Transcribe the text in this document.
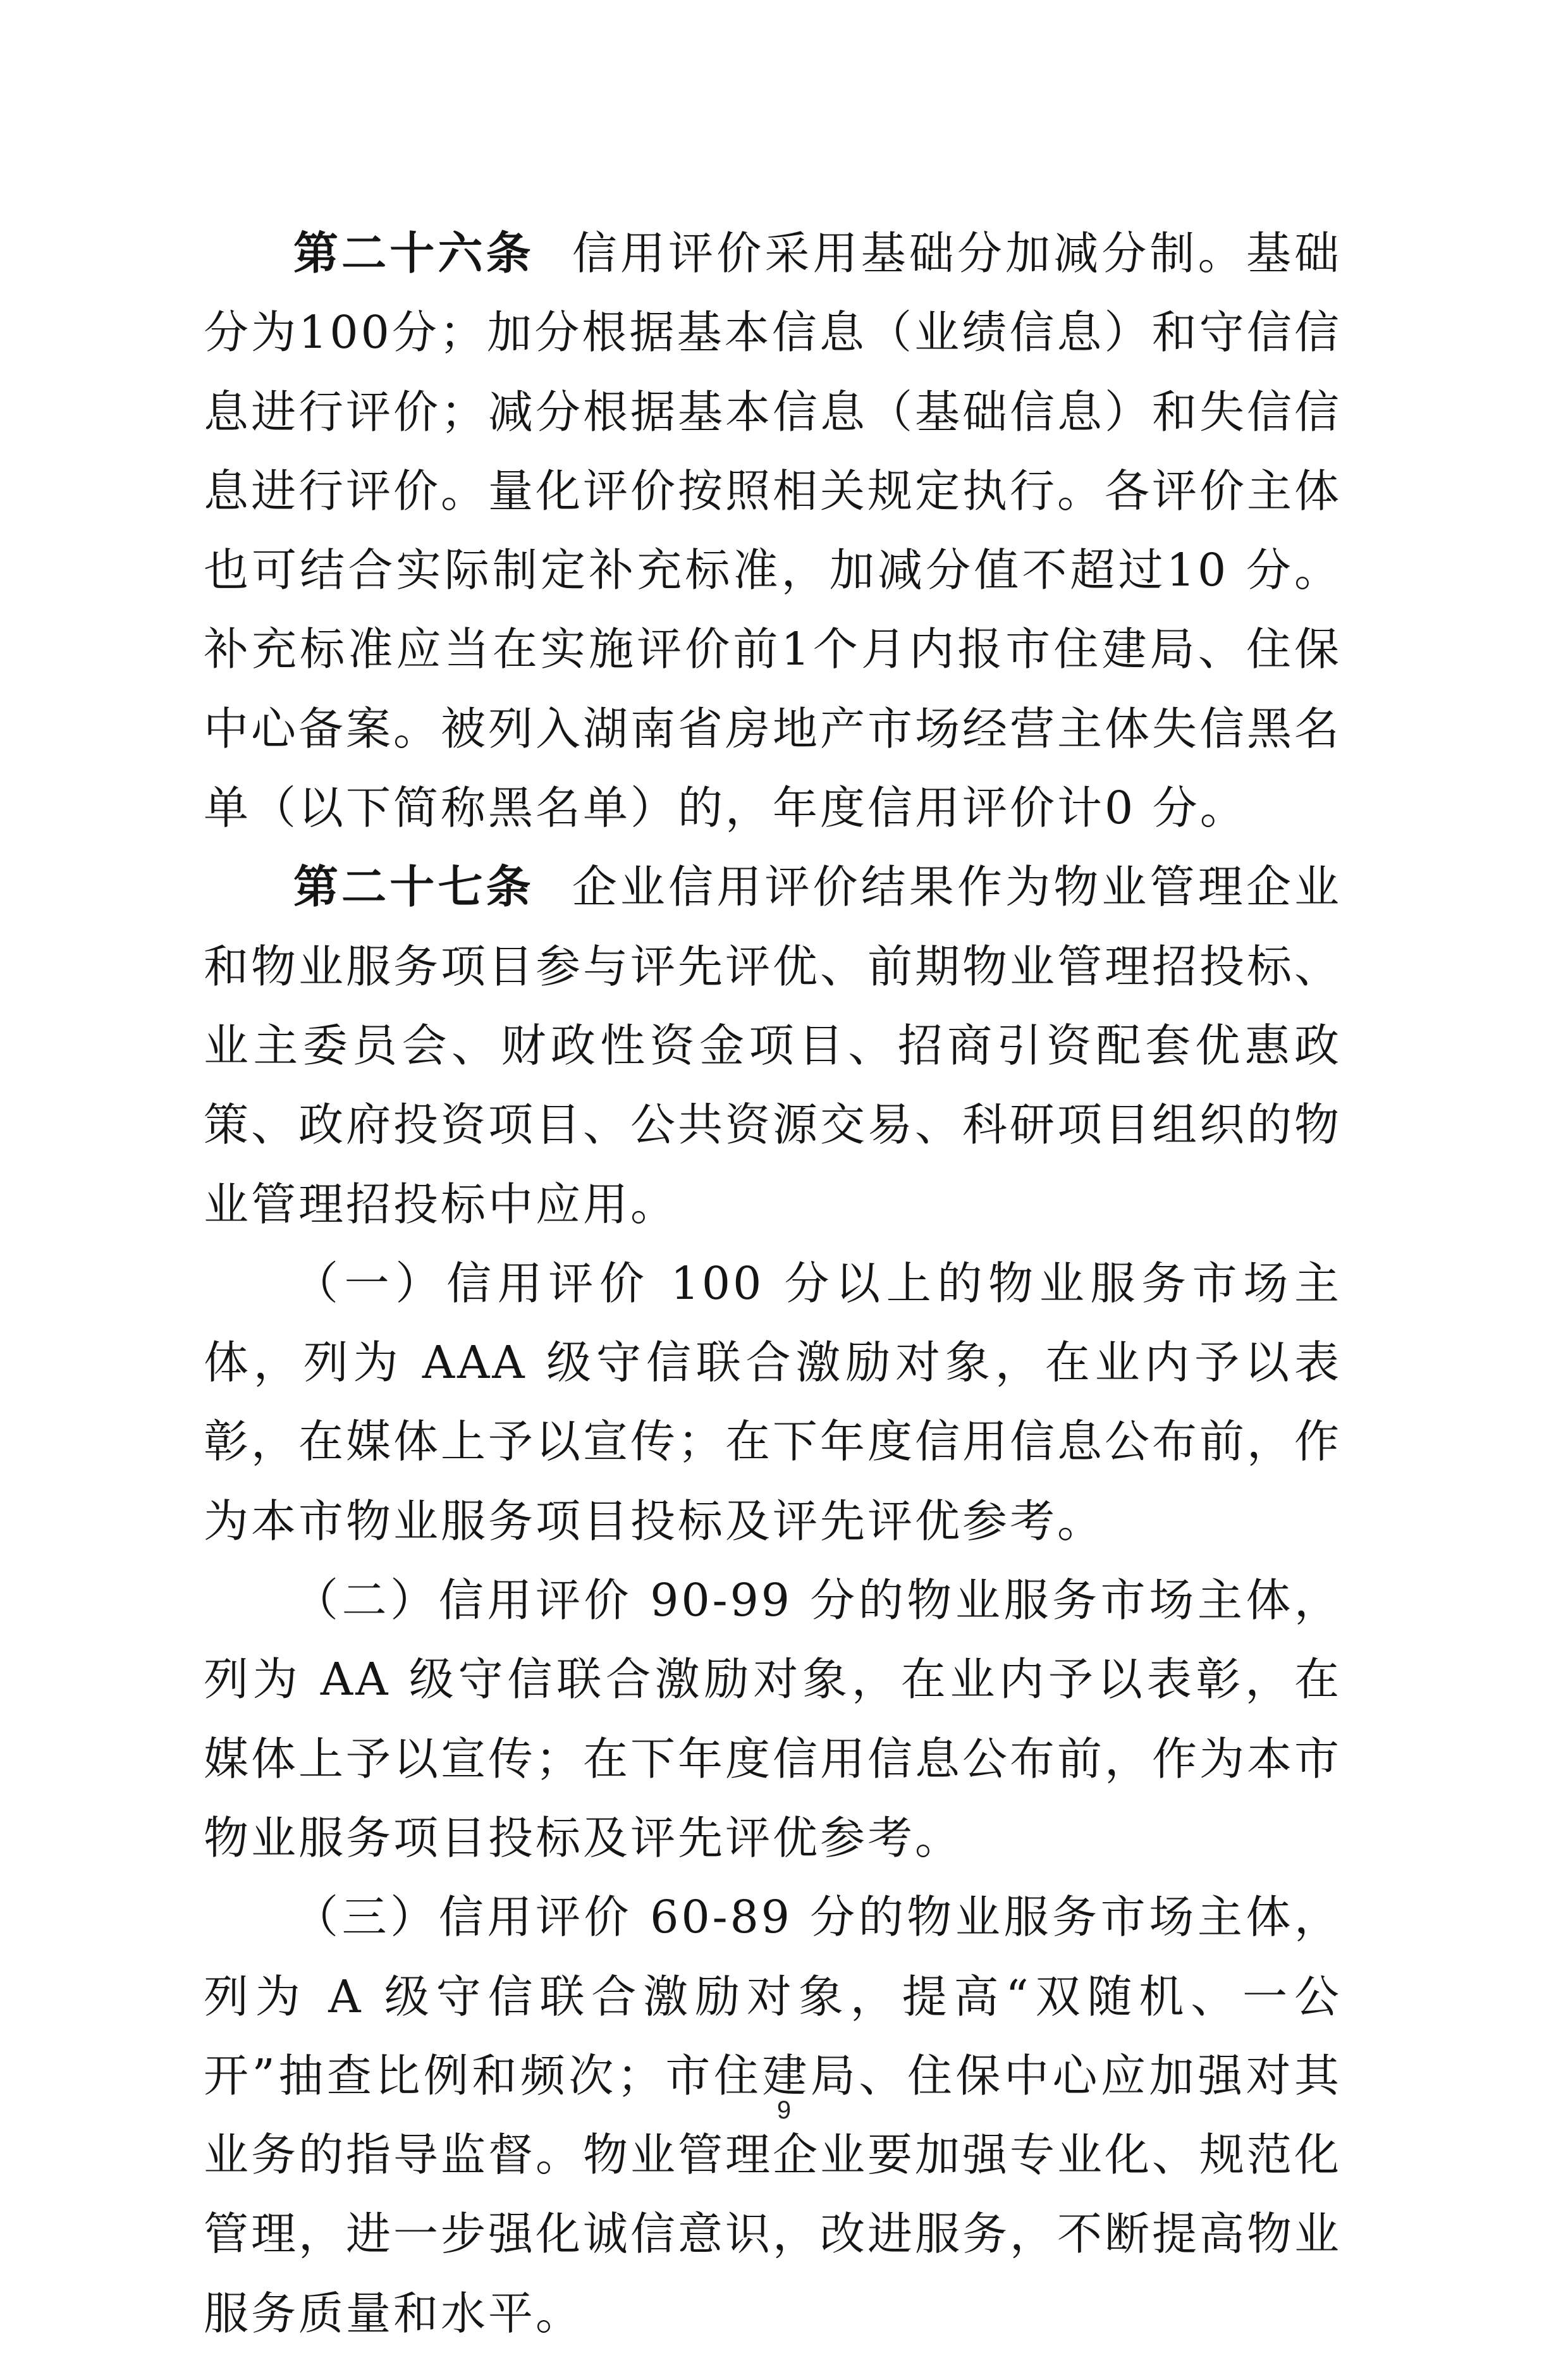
第二十六条 信用评价采用基础分加减分制。基础分为100分；加分根据基本信息（业绩信息）和守信信息进行评价；减分根据基本信息（基础信息）和失信信息进行评价。量化评价按照相关规定执行。各评价主体也可结合实际制定补充标准，加减分值不超过10 分。补充标准应当在实施评价前1个月内报市住建局、住保中心备案。被列入湖南省房地产市场经营主体失信黑名单（以下简称黑名单）的，年度信用评价计0 分。

第二十七条 企业信用评价结果作为物业管理企业和物业服务项目参与评先评优、前期物业管理招投标、业主委员会、财政性资金项目、招商引资配套优惠政策、政府投资项目、公共资源交易、科研项目组织的物业管理招投标中应用。

（一）信用评价 100 分以上的物业服务市场主体，列为 AAA 级守信联合激励对象，在业内予以表彰，在媒体上予以宣传；在下年度信用信息公布前，作为本市物业服务项目投标及评先评优参考。

（二）信用评价 90-99 分的物业服务市场主体，列为 AA 级守信联合激励对象，在业内予以表彰，在媒体上予以宣传；在下年度信用信息公布前，作为本市物业服务项目投标及评先评优参考。

（三）信用评价 60-89 分的物业服务市场主体，列为 A 级守信联合激励对象，提高“双随机、一公开”抽查比例和频次；市住建局、住保中心应加强对其业务的指导监督。物业管理企业要加强专业化、规范化管理，进一步强化诚信意识，改进服务，不断提高物业服务质量和水平。

9
